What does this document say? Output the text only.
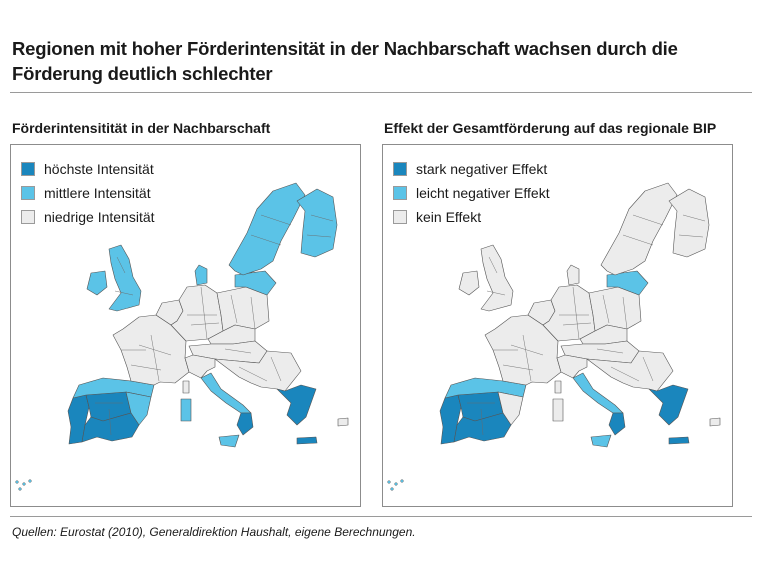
Regionen mit hoher Förderintensität in der Nachbarschaft wachsen durch die Förderung deutlich schlechter
Förderintensitität in der Nachbarschaft	Effekt der Gesamtförderung auf das regionale BIP
höchste Intensität
mittlere Intensität
niedrige Intensität
stark negativer Effekt
leicht negativer Effekt
kein Effekt
Quellen: Eurostat (2010), Generaldirektion Haushalt, eigene Berechnungen.
